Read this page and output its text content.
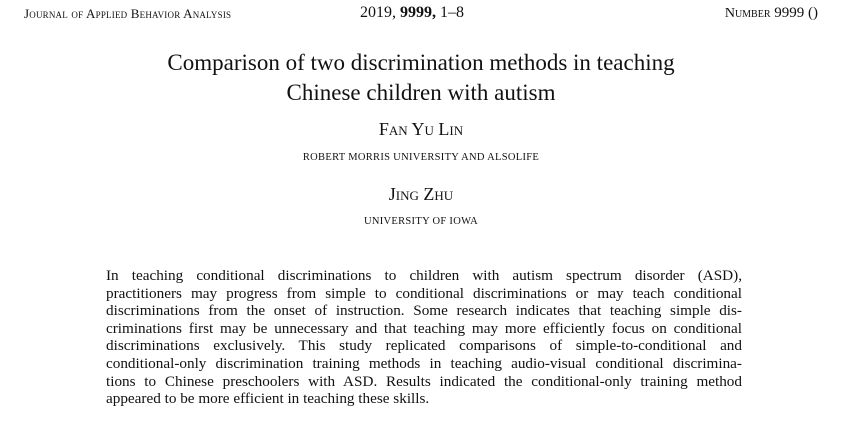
Journal of Applied Behavior Analysis	2019, 9999, 1–8	Number 9999 ()

Comparison of two discrimination methods in teaching

Chinese children with autism

Fan Yu Lin

ROBERT MORRIS UNIVERSITY AND ALSOLIFE

Jing Zhu

UNIVERSITY OF IOWA

In teaching conditional discriminations to children with autism spectrum disorder (ASD),
practitioners may progress from simple to conditional discriminations or may teach conditional
discriminations from the onset of instruction. Some research indicates that teaching simple dis-
criminations first may be unnecessary and that teaching may more efficiently focus on conditional
discriminations exclusively. This study replicated comparisons of simple-to-conditional and
conditional-only discrimination training methods in teaching audio-visual conditional discrimina-
tions to Chinese preschoolers with ASD. Results indicated the conditional-only training method
appeared to be more efficient in teaching these skills.
